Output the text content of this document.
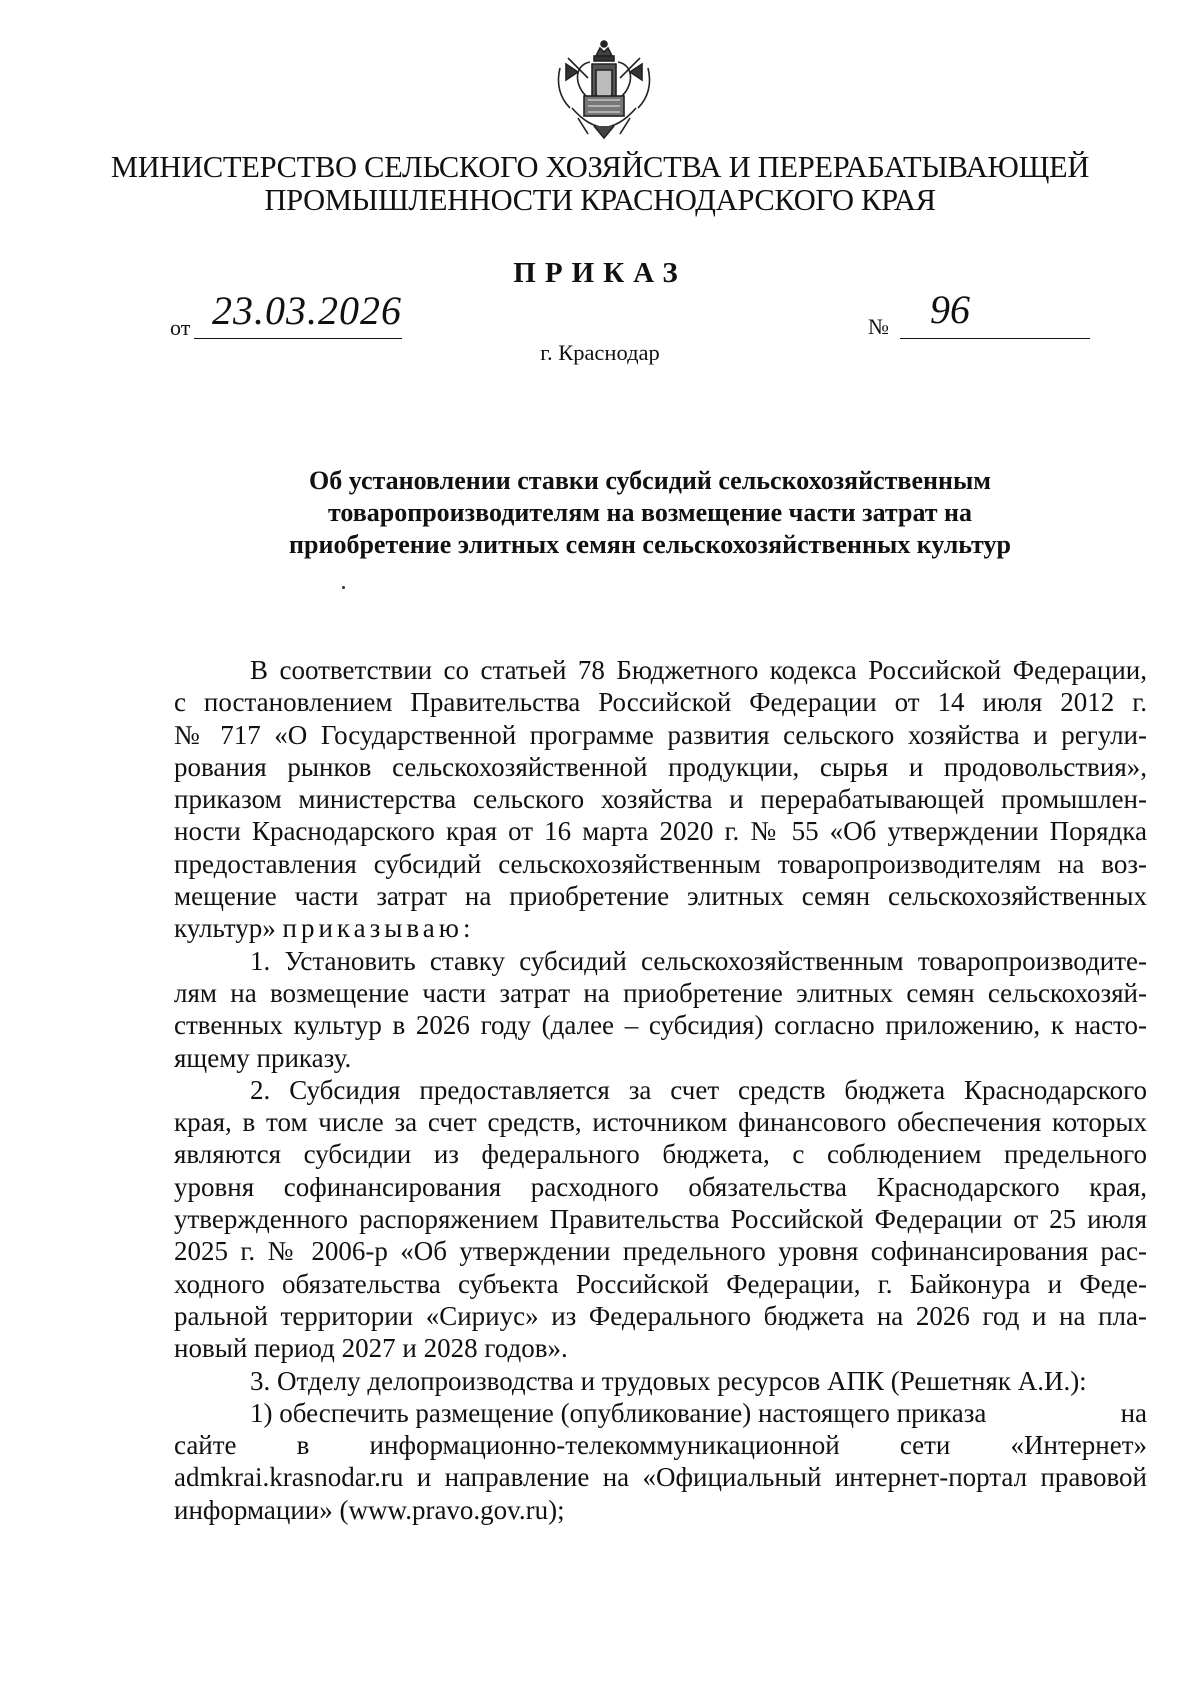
МИНИСТЕРСТВО СЕЛЬСКОГО ХОЗЯЙСТВА И ПЕРЕРАБАТЫВАЮЩЕЙ
ПРОМЫШЛЕННОСТИ КРАСНОДАРСКОГО КРАЯ
ПРИКАЗ
от 23.03.2026	№ 96
г. Краснодар
Об установлении ставки субсидий сельскохозяйственным
товаропроизводителям на возмещение части затрат на
приобретение элитных семян сельскохозяйственных культур
В соответствии со статьей 78 Бюджетного кодекса Российской Федерации,
с постановлением Правительства Российской Федерации от 14 июля 2012 г.
№ 717 «О Государственной программе развития сельского хозяйства и регули-
рования рынков сельскохозяйственной продукции, сырья и продовольствия»,
приказом министерства сельского хозяйства и перерабатывающей промышлен-
ности Краснодарского края от 16 марта 2020 г. № 55 «Об утверждении Порядка
предоставления субсидий сельскохозяйственным товаропроизводителям на воз-
мещение части затрат на приобретение элитных семян сельскохозяйственных
культур» приказываю:
1. Установить ставку субсидий сельскохозяйственным товаропроизводите-
лям на возмещение части затрат на приобретение элитных семян сельскохозяй-
ственных культур в 2026 году (далее – субсидия) согласно приложению, к насто-
ящему приказу.
2. Субсидия предоставляется за счет средств бюджета Краснодарского
края, в том числе за счет средств, источником финансового обеспечения которых
являются субсидии из федерального бюджета, с соблюдением предельного
уровня софинансирования расходного обязательства Краснодарского края,
утвержденного распоряжением Правительства Российской Федерации от 25 июля
2025 г. № 2006-р «Об утверждении предельного уровня софинансирования рас-
ходного обязательства субъекта Российской Федерации, г. Байконура и Феде-
ральной территории «Сириус» из Федерального бюджета на 2026 год и на пла-
новый период 2027 и 2028 годов».
3. Отделу делопроизводства и трудовых ресурсов АПК (Решетняк А.И.):
1) обеспечить размещение (опубликование) настоящего приказа	на
сайте в информационно-телекоммуникационной сети «Интернет»
admkrai.krasnodar.ru и направление на «Официальный интернет-портал правовой
информации» (www.pravo.gov.ru);
